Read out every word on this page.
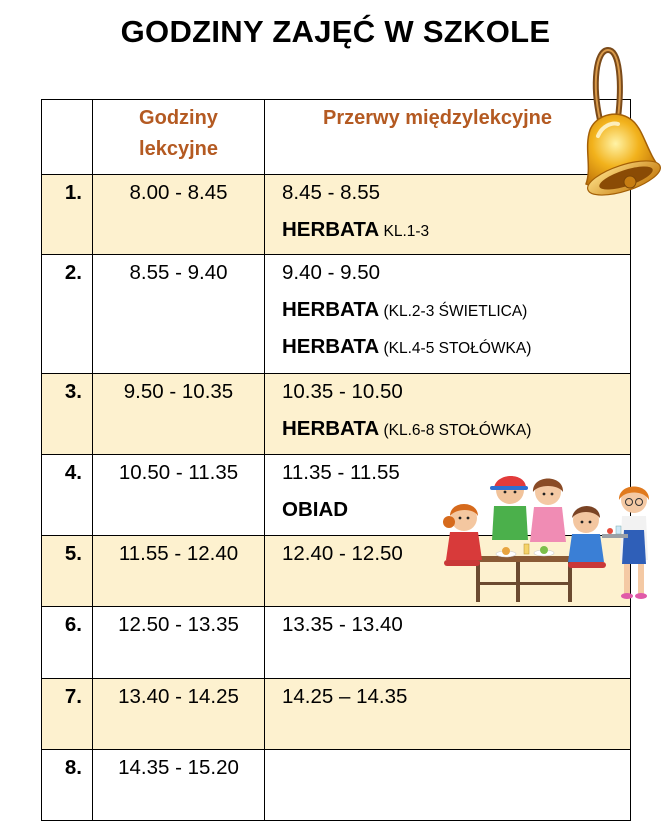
GODZINY ZAJĘĆ W SZKOLE

	Godziny
lekcyjne	Przerwy międzylekcyjne

1.	8.00 - 8.45	8.45 - 8.55
HERBATA KL.1-3

2.	8.55 - 9.40	9.40 - 9.50
HERBATA (KL.2-3 ŚWIETLICA)
HERBATA (KL.4-5 STOŁÓWKA)

3.	9.50 - 10.35	10.35 - 10.50
HERBATA (KL.6-8 STOŁÓWKA)

4.	10.50 - 11.35	11.35 - 11.55
OBIAD

5.	11.55 - 12.40	12.40 - 12.50

6.	12.50 - 13.35	13.35 - 13.40

7.	13.40 - 14.25	14.25 – 14.35

8.	14.35 - 15.20	
